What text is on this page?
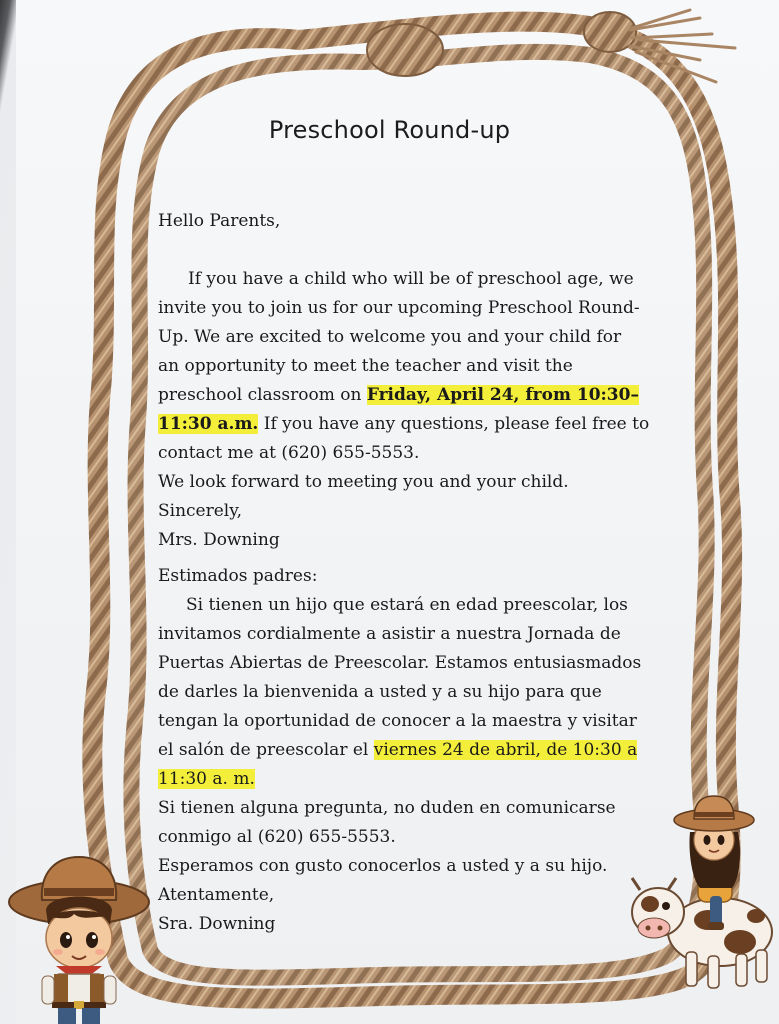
Preschool Round-up

Hello Parents,

If you have a child who will be of preschool age, we

invite you to join us for our upcoming Preschool Round-

Up. We are excited to welcome you and your child for

an opportunity to meet the teacher and visit the

preschool classroom on Friday, April 24, from 10:30–

11:30 a.m. If you have any questions, please feel free to

contact me at (620) 655-5553.

We look forward to meeting you and your child.

Sincerely,

Mrs. Downing

Estimados padres:

Si tienen un hijo que estará en edad preescolar, los

invitamos cordialmente a asistir a nuestra Jornada de

Puertas Abiertas de Preescolar. Estamos entusiasmados

de darles la bienvenida a usted y a su hijo para que

tengan la oportunidad de conocer a la maestra y visitar

el salón de preescolar el viernes 24 de abril, de 10:30 a

11:30 a. m.

Si tienen alguna pregunta, no duden en comunicarse

conmigo al (620) 655-5553.

Esperamos con gusto conocerlos a usted y a su hijo.

Atentamente,

Sra. Downing
